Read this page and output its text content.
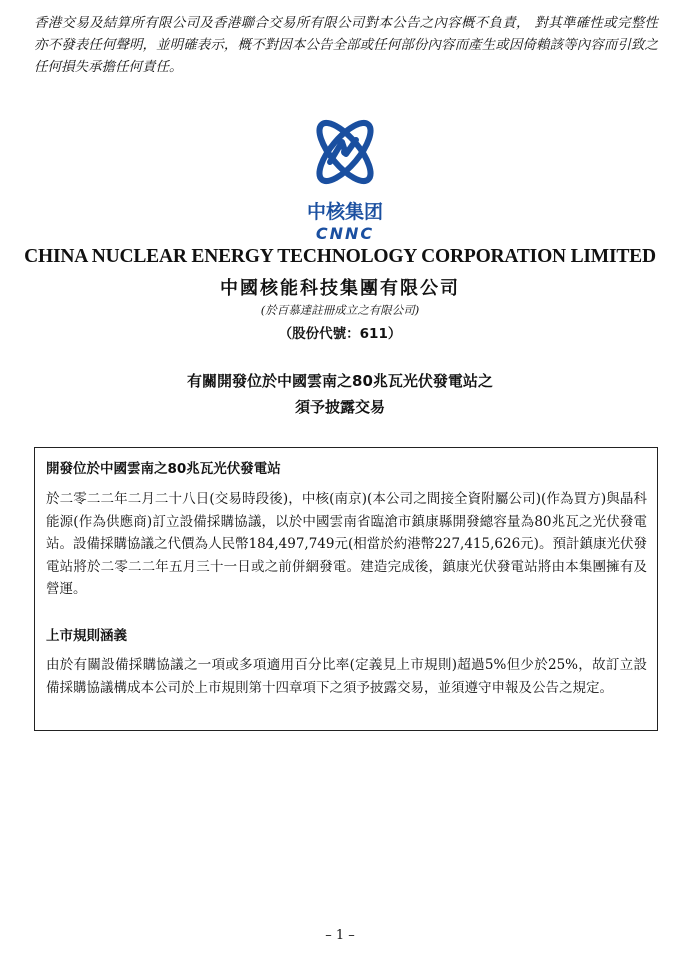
香港交易及結算所有限公司及香港聯合交易所有限公司對本公告之內容概不負責， 對其準確性或完整性亦不發表任何聲明，並明確表示，概不對因本公告全部或任何部份內容而產生或因倚賴該等內容而引致之任何損失承擔任何責任。
中核集团
CNNC
CHINA NUCLEAR ENERGY TECHNOLOGY CORPORATION LIMITED
中國核能科技集團有限公司
(於百慕達註冊成立之有限公司)
（股份代號：611）
有關開發位於中國雲南之80兆瓦光伏發電站之
須予披露交易
開發位於中國雲南之80兆瓦光伏發電站
於二零二二年二月二十八日(交易時段後)，中核(南京)(本公司之間接全資附屬公司)(作為買方)與晶科能源(作為供應商)訂立設備採購協議，以於中國雲南省臨滄市鎮康縣開發總容量為80兆瓦之光伏發電站。設備採購協議之代價為人民幣184,497,749元(相當於約港幣227,415,626元)。預計鎮康光伏發電站將於二零二二年五月三十一日或之前併網發電。建造完成後，鎮康光伏發電站將由本集團擁有及營運。
上市規則涵義
由於有關設備採購協議之一項或多項適用百分比率(定義見上市規則)超過5%但少於25%，故訂立設備採購協議構成本公司於上市規則第十四章項下之須予披露交易，並須遵守申報及公告之規定。
– 1 –
